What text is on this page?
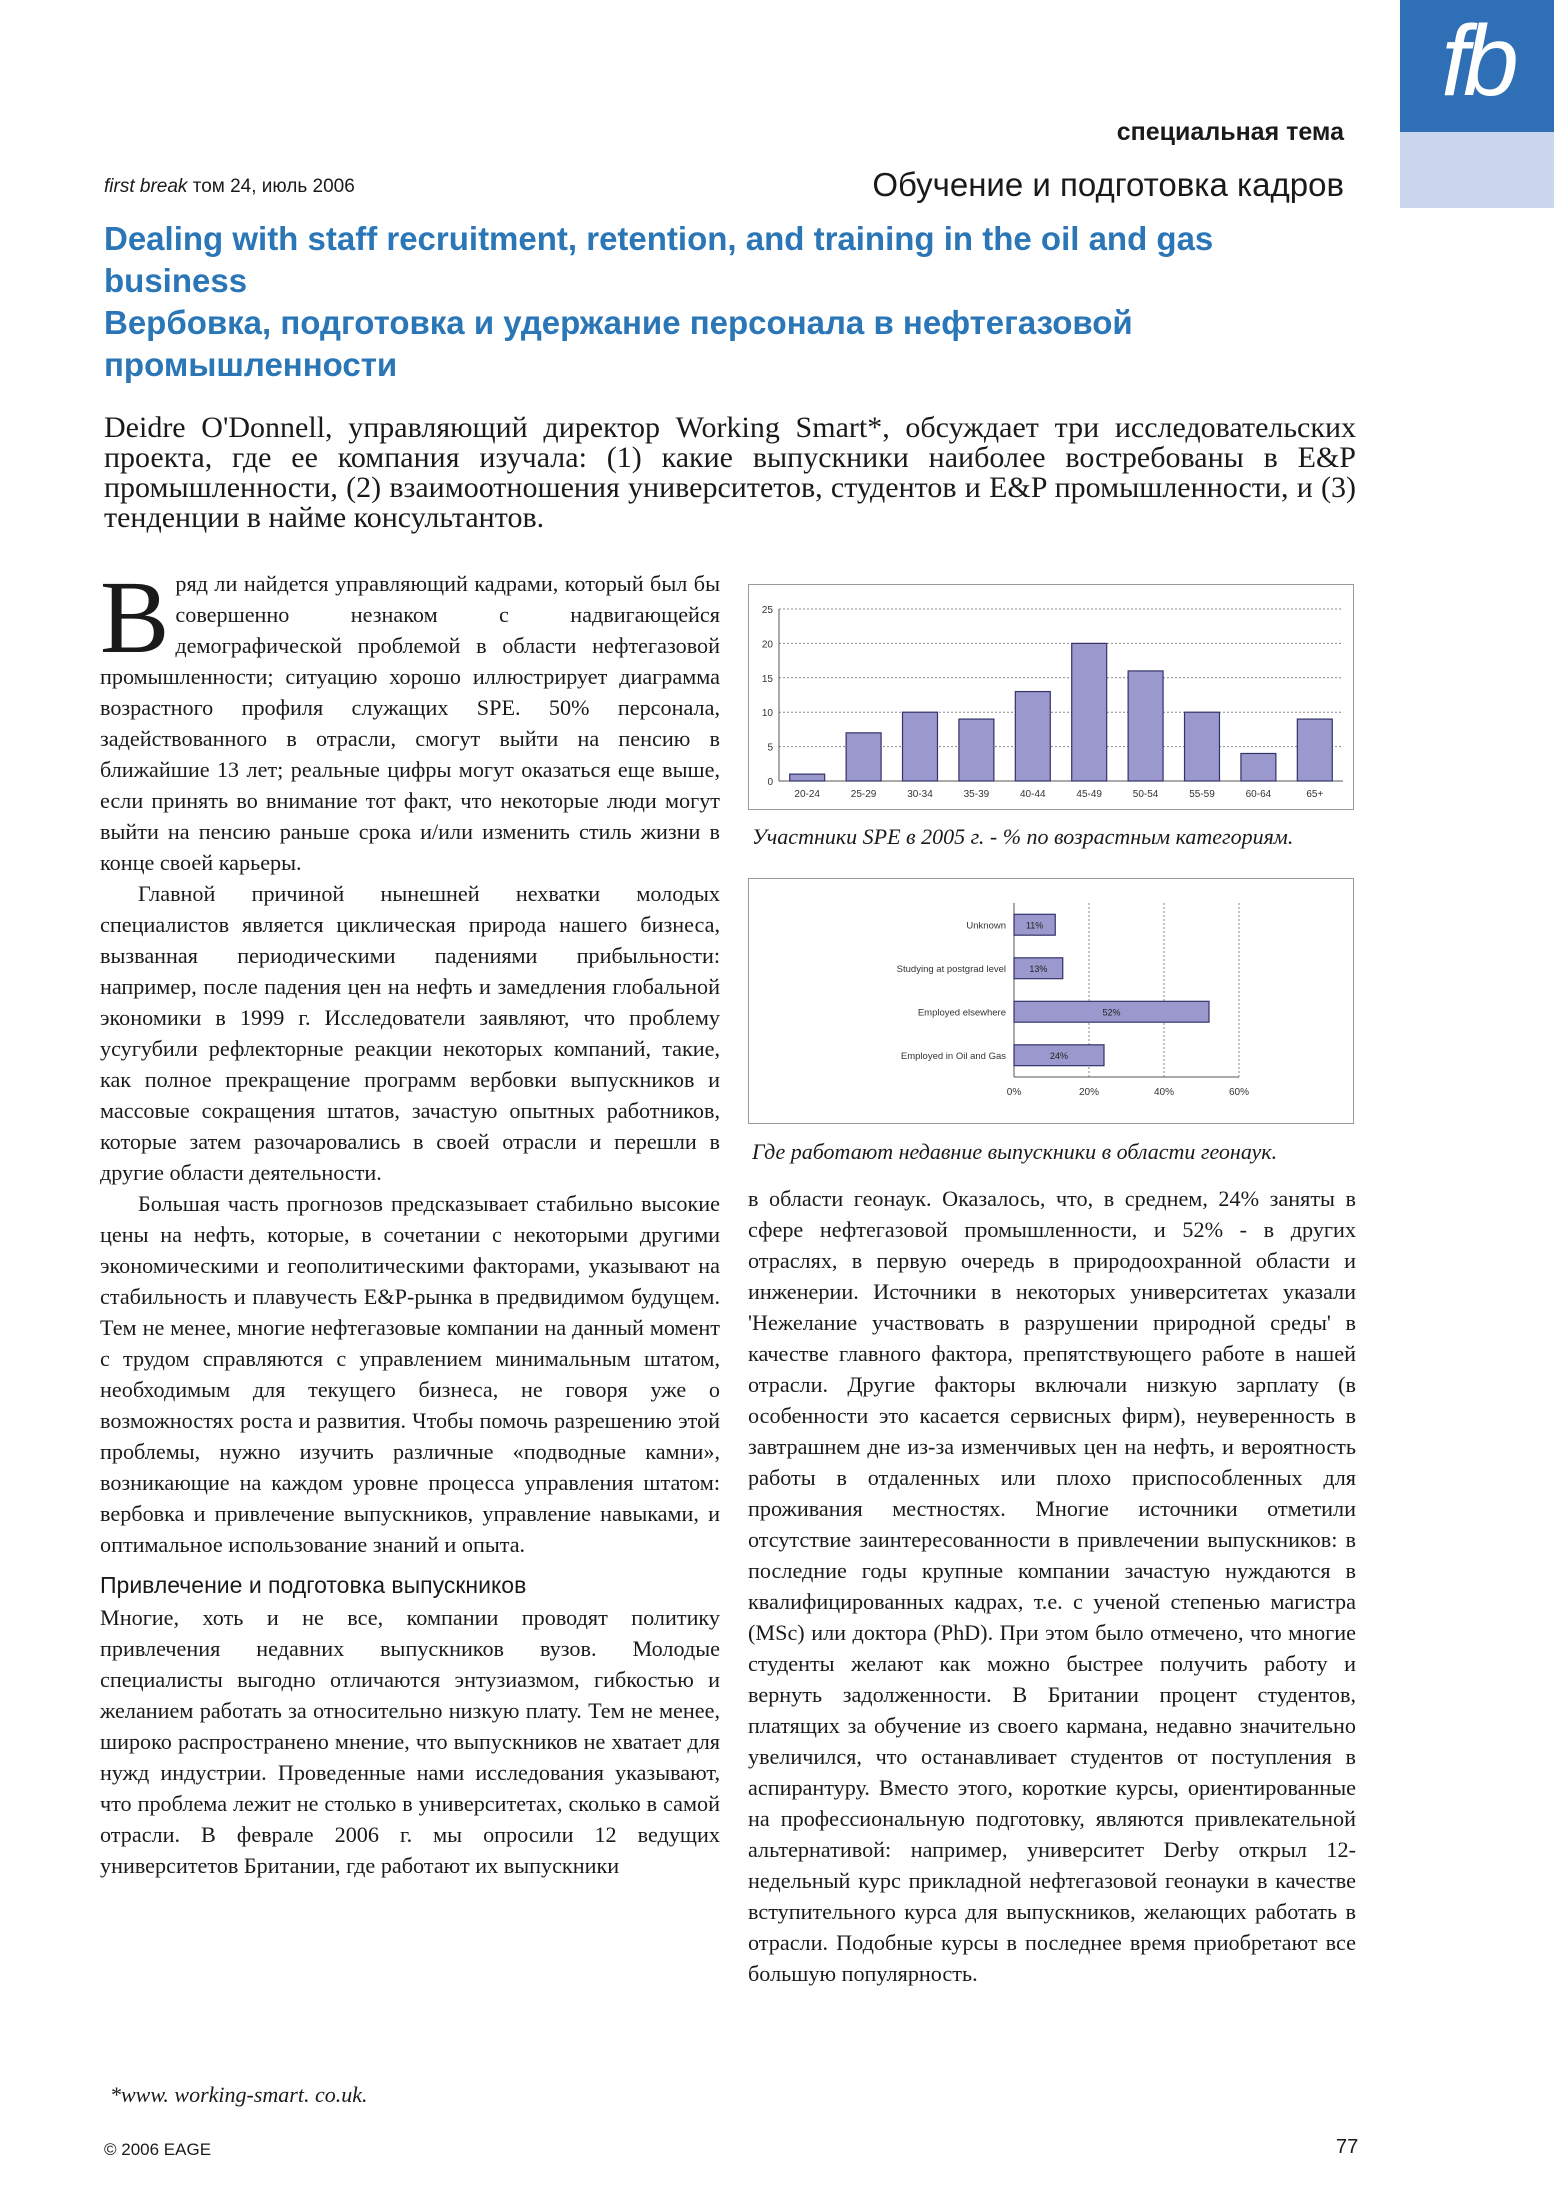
fb
специальная тема
first break том 24, июль 2006	Обучение и подготовка кадров
Dealing with staff recruitment, retention, and training in the oil and gas business
Вербовка, подготовка и удержание персонала в нефтегазовой промышленности
Deidre O'Donnell, управляющий директор Working Smart*, обсуждает три исследовательских проекта, где ее компания изучала: (1) какие выпускники наиболее востребованы в E&P промышленности, (2) взаимоотношения университетов, студентов и E&P промышленности, и (3) тенденции в найме консультантов.

Вряд ли найдется управляющий кадрами, который был бы совершенно незнаком с надвигающейся демографической проблемой в области нефтегазовой промышленности; ситуацию хорошо иллюстрирует диаграмма возрастного профиля служащих SPE. 50% персонала, задействованного в отрасли, смогут выйти на пенсию в ближайшие 13 лет; реальные цифры могут оказаться еще выше, если принять во внимание тот факт, что некоторые люди могут выйти на пенсию раньше срока и/или изменить стиль жизни в конце своей карьеры.

Главной причиной нынешней нехватки молодых специалистов является циклическая природа нашего бизнеса, вызванная периодическими падениями прибыльности: например, после падения цен на нефть и замедления глобальной экономики в 1999 г. Исследователи заявляют, что проблему усугубили рефлекторные реакции некоторых компаний, такие, как полное прекращение программ вербовки выпускников и массовые сокращения штатов, зачастую опытных работников, которые затем разочаровались в своей отрасли и перешли в другие области деятельности.

Большая часть прогнозов предсказывает стабильно высокие цены на нефть, которые, в сочетании с некоторыми другими экономическими и геополитическими факторами, указывают на стабильность и плавучесть E&P-рынка в предвидимом будущем. Тем не менее, многие нефтегазовые компании на данный момент с трудом справляются с управлением минимальным штатом, необходимым для текущего бизнеса, не говоря уже о возможностях роста и развития. Чтобы помочь разрешению этой проблемы, нужно изучить различные «подводные камни», возникающие на каждом уровне процесса управления штатом: вербовка и привлечение выпускников, управление навыками, и оптимальное использование знаний и опыта.

Привлечение и подготовка выпускников

Многие, хоть и не все, компании проводят политику привлечения недавних выпускников вузов. Молодые специалисты выгодно отличаются энтузиазмом, гибкостью и желанием работать за относительно низкую плату. Тем не менее, широко распространено мнение, что выпускников не хватает для нужд индустрии. Проведенные нами исследования указывают, что проблема лежит не столько в университетах, сколько в самой отрасли. В феврале 2006 г. мы опросили 12 ведущих университетов Британии, где работают их выпускники

0
5
10
15
20
25
20-24	25-29	30-34	35-39	40-44	45-49	50-54	55-59	60-64	65+
Участники SPE в 2005 г. - % по возрастным категориям.
0%	20%	40%	60%
11%
Unknown
13%
Studying at postgrad level
52%
Employed elsewhere
24%
Employed in Oil and Gas
Где работают недавние выпускники в области геонаук.

в области геонаук. Оказалось, что, в среднем, 24% заняты в сфере нефтегазовой промышленности, и 52% - в других отраслях, в первую очередь в природоохранной области и инженерии. Источники в некоторых университетах указали 'Нежелание участвовать в разрушении природной среды' в качестве главного фактора, препятствующего работе в нашей отрасли. Другие факторы включали низкую зарплату (в особенности это касается сервисных фирм), неуверенность в завтрашнем дне из-за изменчивых цен на нефть, и вероятность работы в отдаленных или плохо приспособленных для проживания местностях. Многие источники отметили отсутствие заинтересованности в привлечении выпускников: в последние годы крупные компании зачастую нуждаются в квалифицированных кадрах, т.е. с ученой степенью магистра (MSc) или доктора (PhD). При этом было отмечено, что многие студенты желают как можно быстрее получить работу и вернуть задолженности. В Британии процент студентов, платящих за обучение из своего кармана, недавно значительно увеличился, что останавливает студентов от поступления в аспирантуру. Вместо этого, короткие курсы, ориентированные на профессиональную подготовку, являются привлекательной альтернативой: например, университет Derby открыл 12-недельный курс прикладной нефтегазовой геонауки в качестве вступительного курса для выпускников, желающих работать в отрасли. Подобные курсы в последнее время приобретают все большую популярность.

*www. working-smart. co.uk.
© 2006 EAGE	77
